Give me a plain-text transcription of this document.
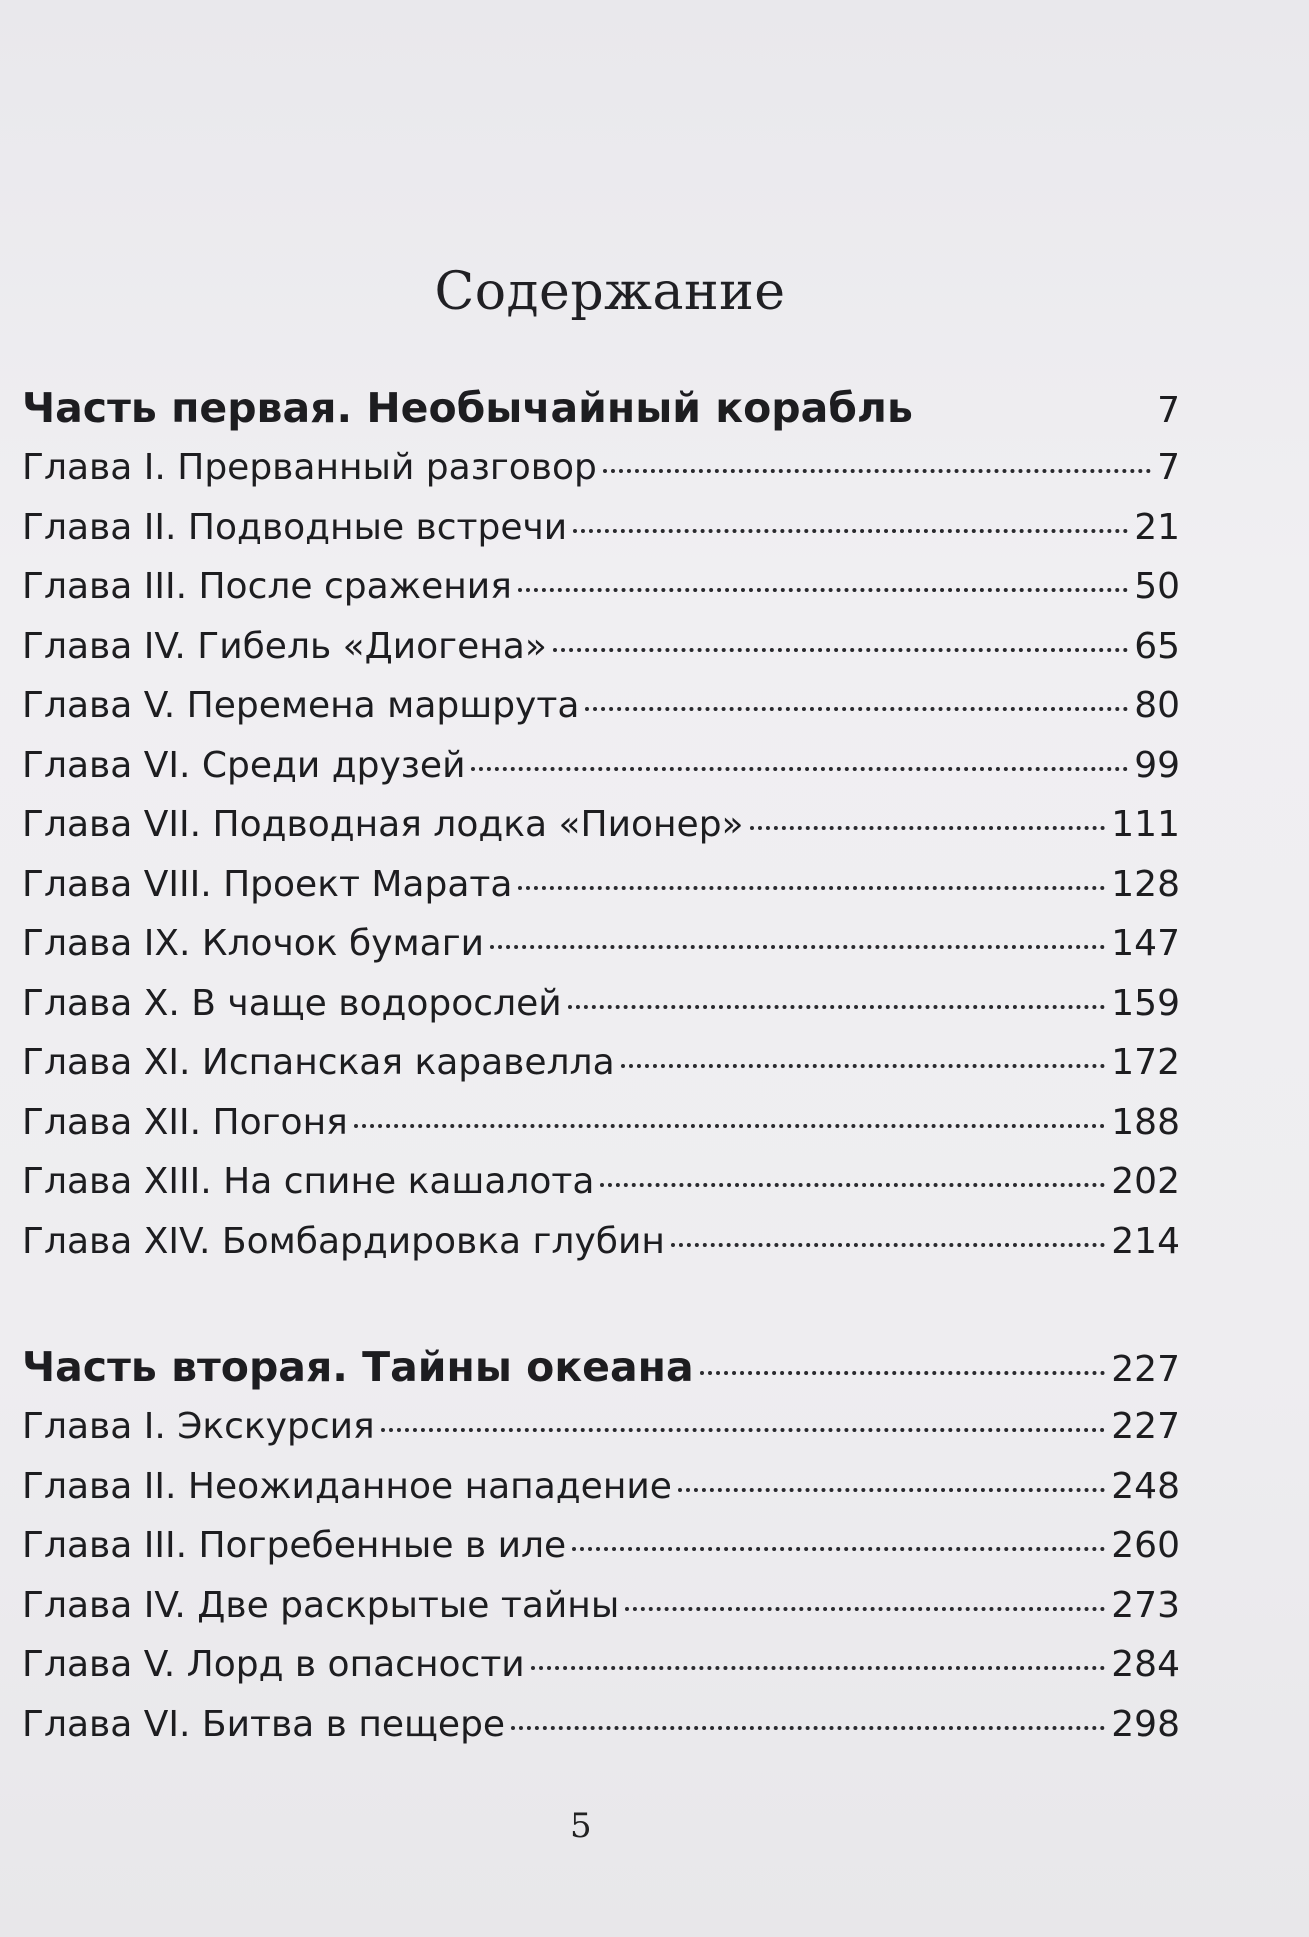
Содержание
Часть первая. Необычайный корабль	7
Глава I. Прерванный разговор	7
Глава II. Подводные встречи	21
Глава III. После сражения	50
Глава IV. Гибель «Диогена»	65
Глава V. Перемена маршрута	80
Глава VI. Среди друзей	99
Глава VII. Подводная лодка «Пионер»	111
Глава VIII. Проект Марата	128
Глава IX. Клочок бумаги	147
Глава X. В чаще водорослей	159
Глава XI. Испанская каравелла	172
Глава XII. Погоня	188
Глава XIII. На спине кашалота	202
Глава XIV. Бомбардировка глубин	214
Часть вторая. Тайны океана	227
Глава I. Экскурсия	227
Глава II. Неожиданное нападение	248
Глава III. Погребенные в иле	260
Глава IV. Две раскрытые тайны	273
Глава V. Лорд в опасности	284
Глава VI. Битва в пещере	298
5
